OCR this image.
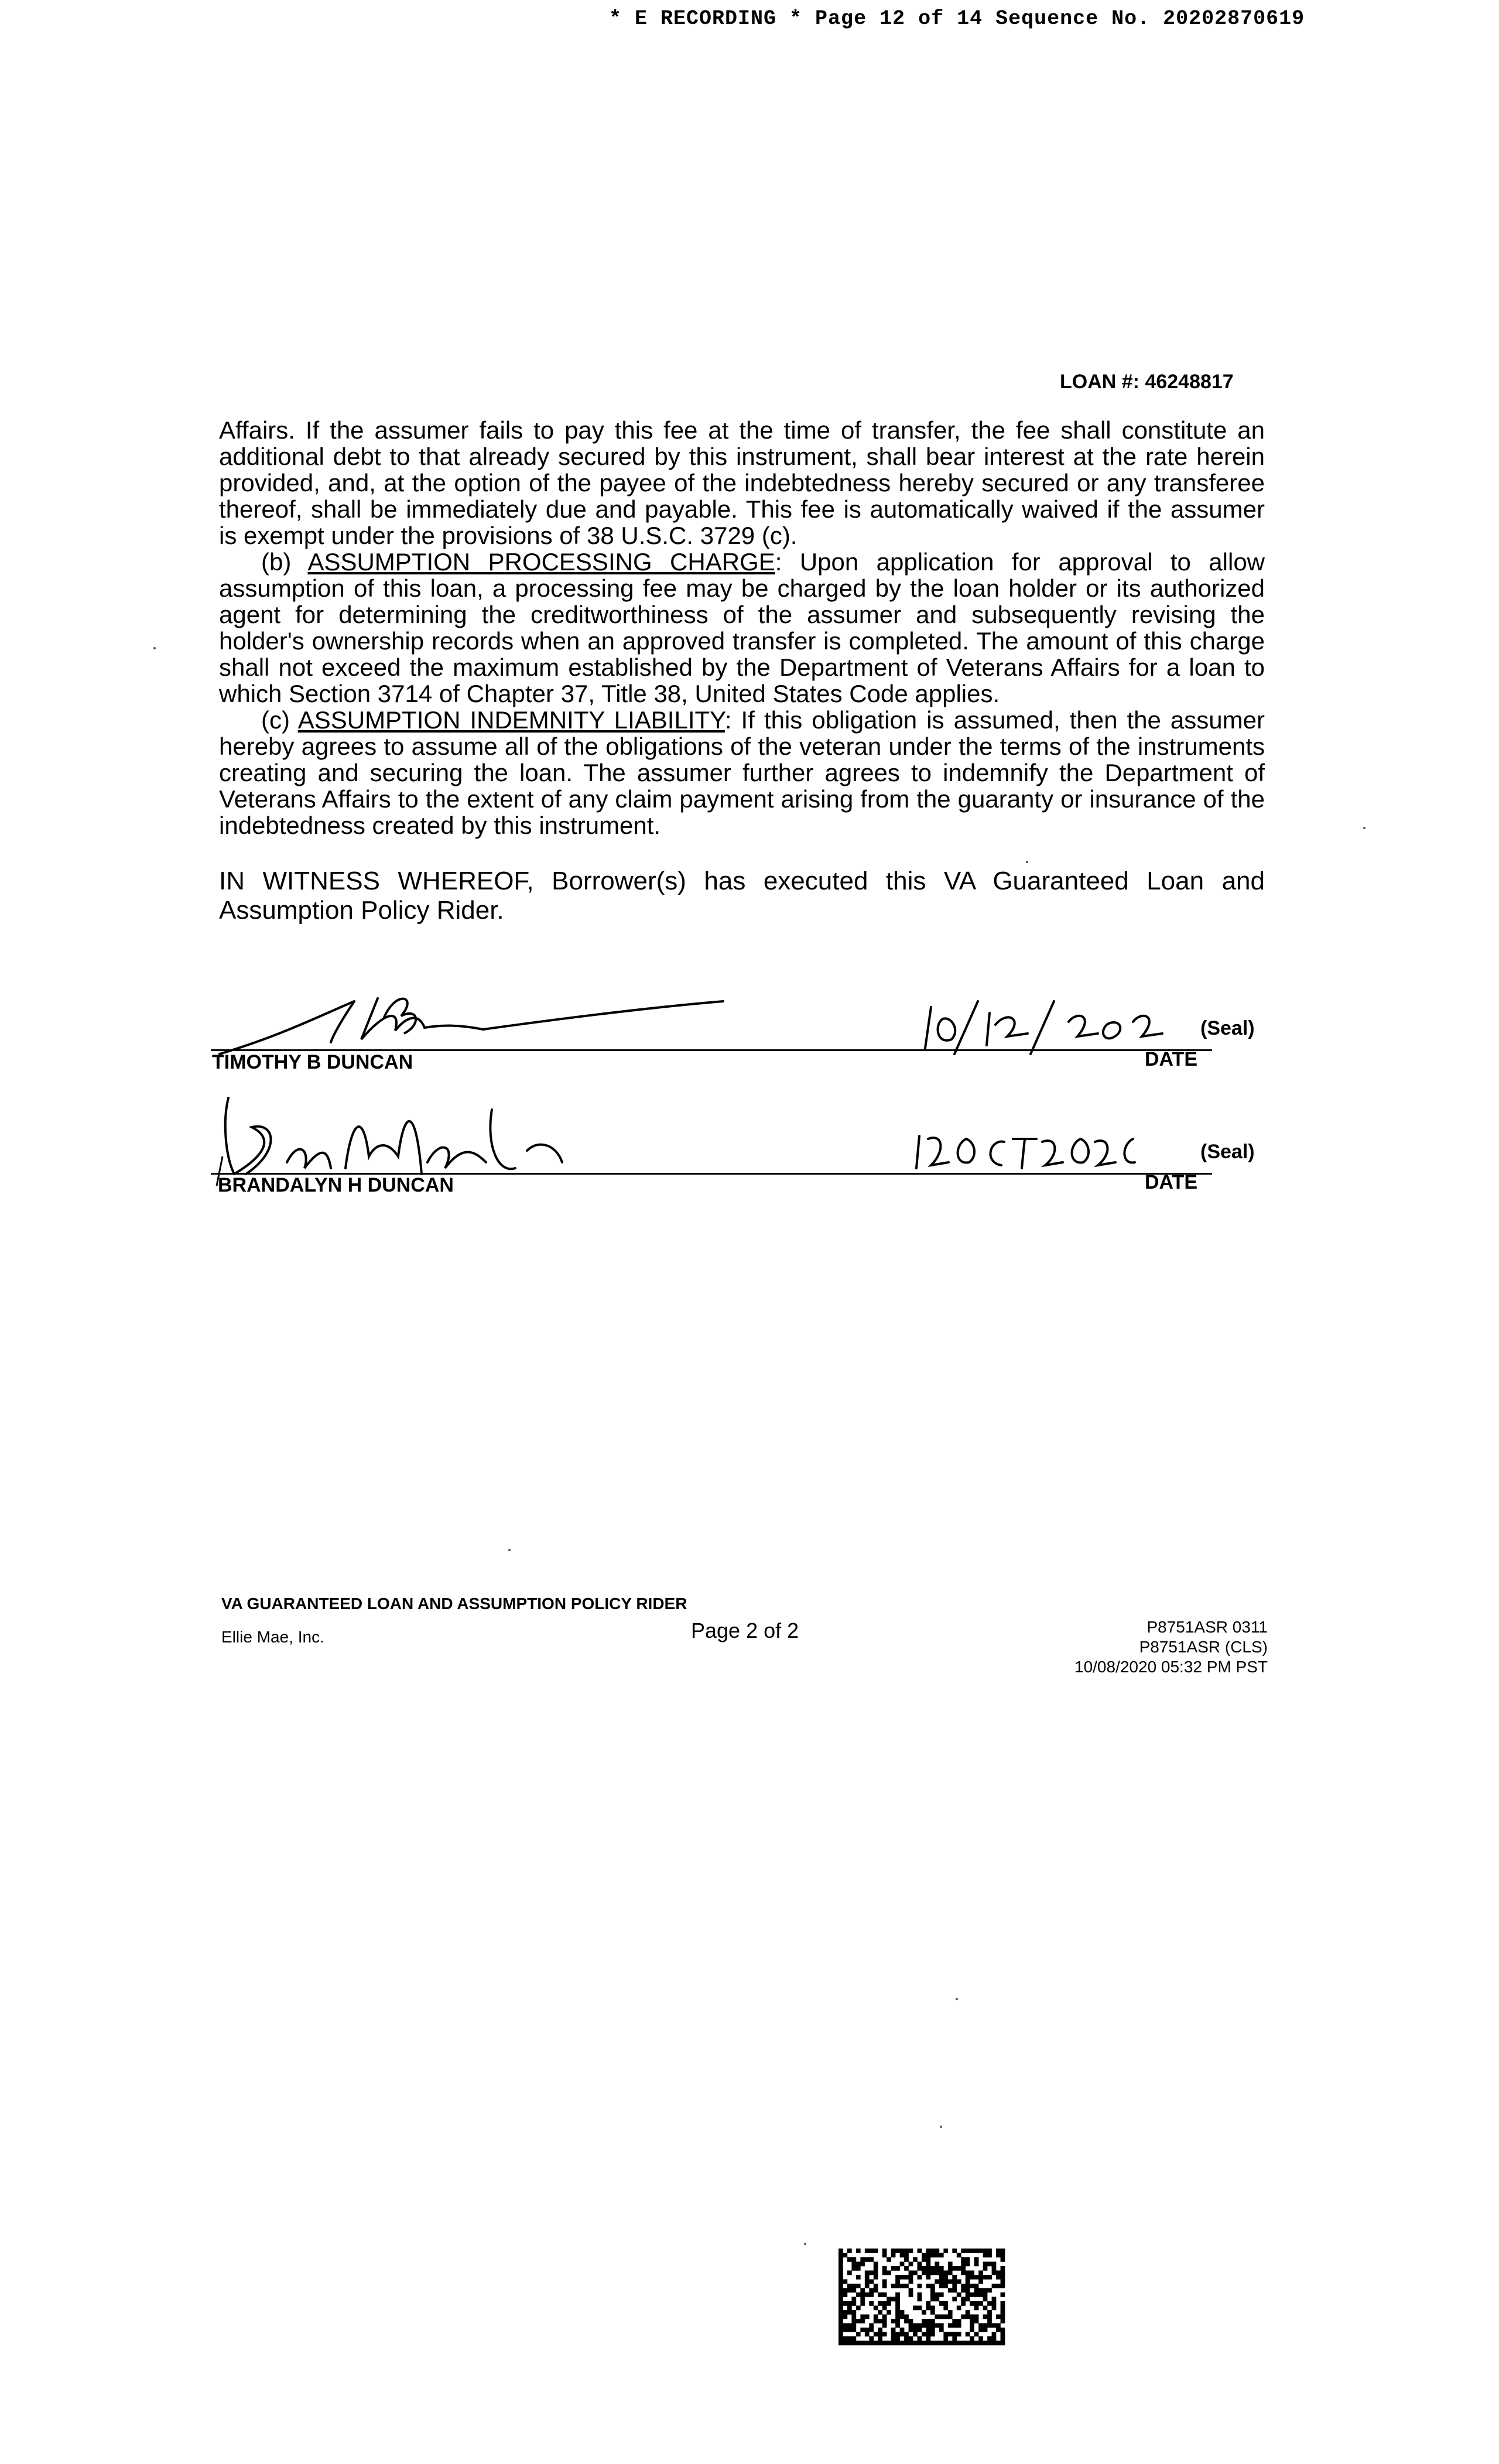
* E RECORDING * Page 12 of 14 Sequence No. 20202870619
LOAN #: 46248817

Affairs. If the assumer fails to pay this fee at the time of transfer, the fee shall constitute an additional debt to that already secured by this instrument, shall bear interest at the rate herein provided, and, at the option of the payee of the indebtedness hereby secured or any transferee thereof, shall be immediately due and payable. This fee is automatically waived if the assumer is exempt under the provisions of 38 U.S.C. 3729 (c).

(b) ASSUMPTION PROCESSING CHARGE: Upon application for approval to allow assumption of this loan, a processing fee may be charged by the loan holder or its authorized agent for determining the creditworthiness of the assumer and subsequently revising the holder's ownership records when an approved transfer is completed. The amount of this charge shall not exceed the maximum established by the Department of Veterans Affairs for a loan to which Section 3714 of Chapter 37, Title 38, United States Code applies.

(c) ASSUMPTION INDEMNITY LIABILITY: If this obligation is assumed, then the assumer hereby agrees to assume all of the obligations of the veteran under the terms of the instruments creating and securing the loan. The assumer further agrees to indemnify the Department of Veterans Affairs to the extent of any claim payment arising from the guaranty or insurance of the indebtedness created by this instrument.

IN WITNESS WHEREOF, Borrower(s) has executed this VA Guaranteed Loan and Assumption Policy Rider.
TIMOTHY B DUNCAN
10/12/2020
(Seal)
DATE
BRANDALYN H DUNCAN
12OCT2020
(Seal)
DATE
VA GUARANTEED LOAN AND ASSUMPTION POLICY RIDER
Ellie Mae, Inc.	Page 2 of 2	P8751ASR 0311
P8751ASR (CLS)
10/08/2020 05:32 PM PST
